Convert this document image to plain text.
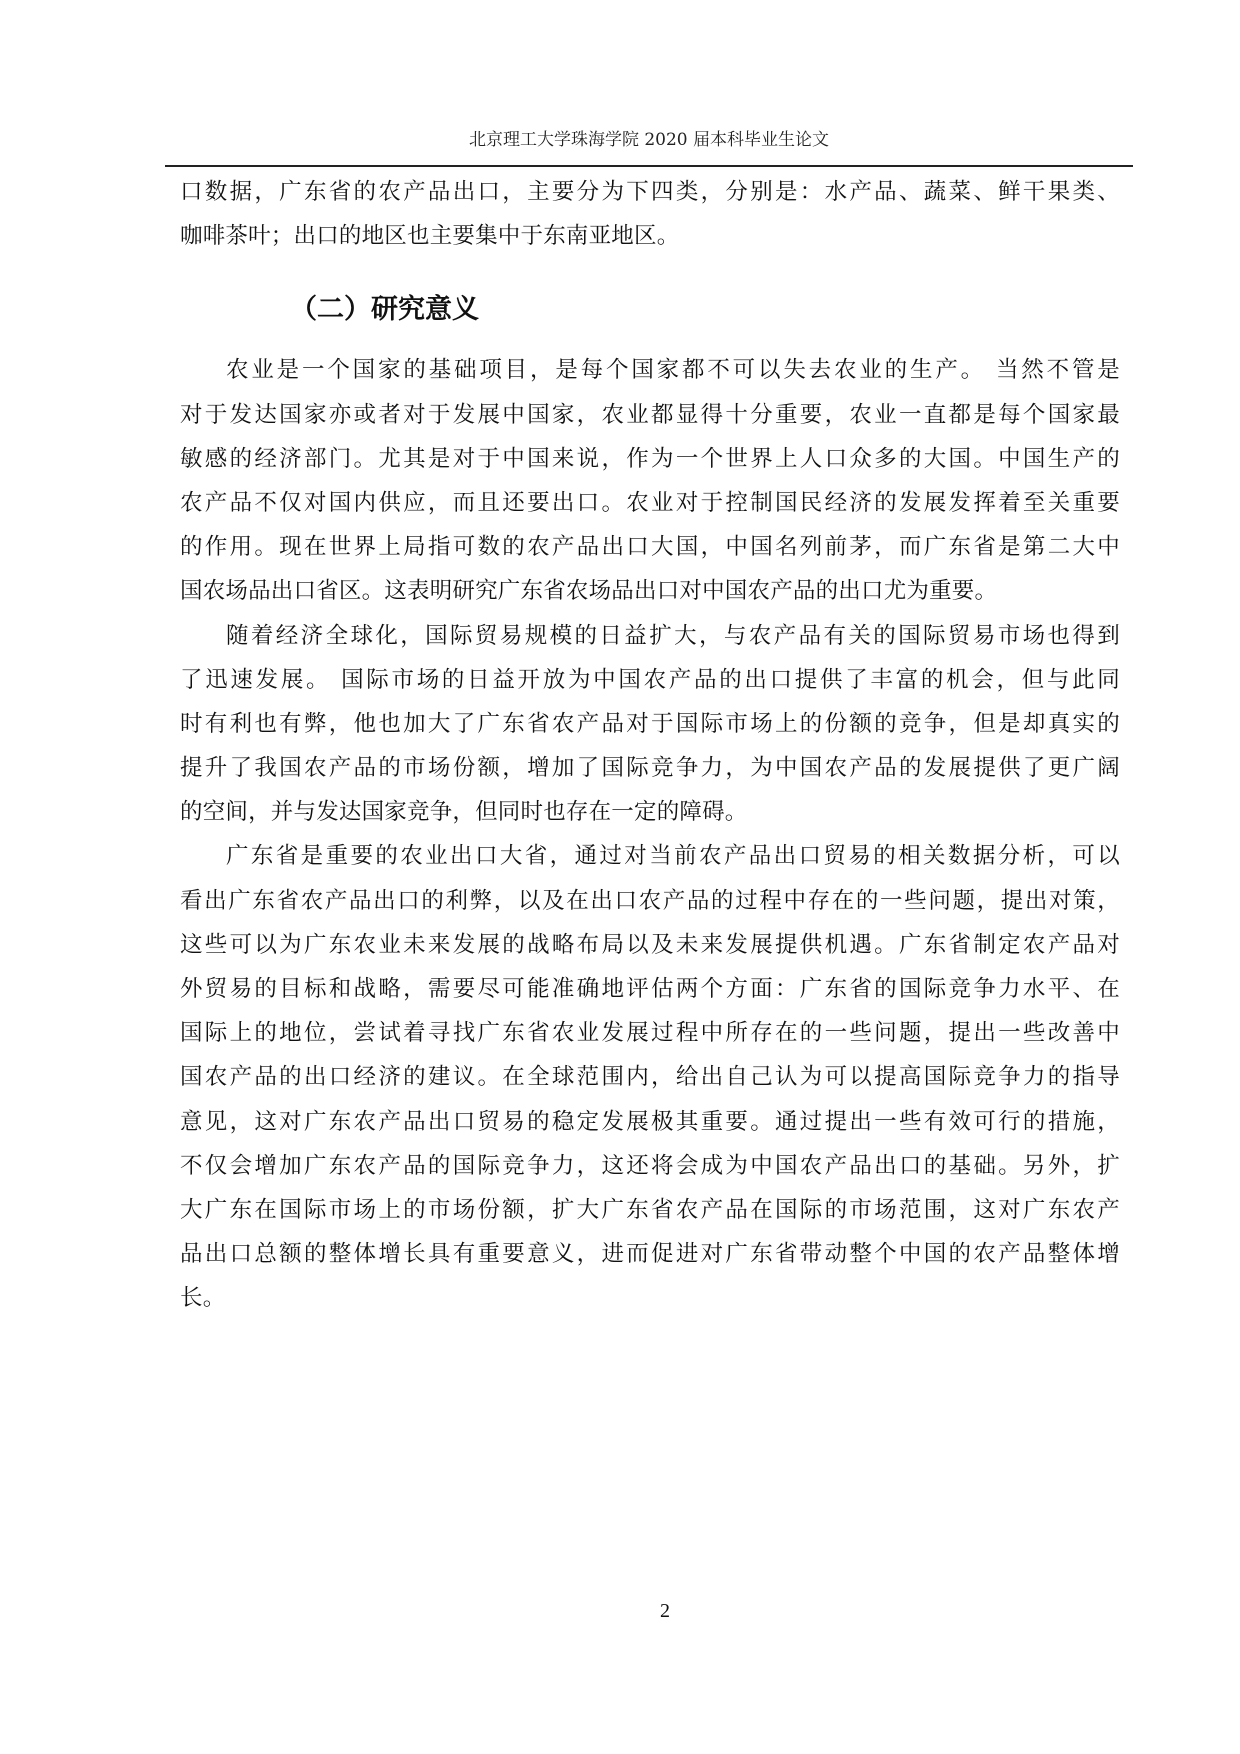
北京理工大学珠海学院 2020 届本科毕业生论文
口数据，广东省的农产品出口，主要分为下四类，分别是：水产品、蔬菜、鲜干果类、
咖啡茶叶；出口的地区也主要集中于东南亚地区。
（二）研究意义
农业是一个国家的基础项目，是每个国家都不可以失去农业的生产。 当然不管是
对于发达国家亦或者对于发展中国家，农业都显得十分重要，农业一直都是每个国家最
敏感的经济部门。尤其是对于中国来说，作为一个世界上人口众多的大国。中国生产的
农产品不仅对国内供应，而且还要出口。农业对于控制国民经济的发展发挥着至关重要
的作用。现在世界上局指可数的农产品出口大国，中国名列前茅，而广东省是第二大中
国农场品出口省区。这表明研究广东省农场品出口对中国农产品的出口尤为重要。
随着经济全球化，国际贸易规模的日益扩大，与农产品有关的国际贸易市场也得到
了迅速发展。 国际市场的日益开放为中国农产品的出口提供了丰富的机会，但与此同
时有利也有弊，他也加大了广东省农产品对于国际市场上的份额的竞争，但是却真实的
提升了我国农产品的市场份额，增加了国际竞争力，为中国农产品的发展提供了更广阔
的空间，并与发达国家竞争，但同时也存在一定的障碍。
广东省是重要的农业出口大省，通过对当前农产品出口贸易的相关数据分析，可以
看出广东省农产品出口的利弊，以及在出口农产品的过程中存在的一些问题，提出对策，
这些可以为广东农业未来发展的战略布局以及未来发展提供机遇。广东省制定农产品对
外贸易的目标和战略，需要尽可能准确地评估两个方面：广东省的国际竞争力水平、在
国际上的地位，尝试着寻找广东省农业发展过程中所存在的一些问题，提出一些改善中
国农产品的出口经济的建议。在全球范围内，给出自己认为可以提高国际竞争力的指导
意见，这对广东农产品出口贸易的稳定发展极其重要。通过提出一些有效可行的措施，
不仅会增加广东农产品的国际竞争力，这还将会成为中国农产品出口的基础。另外，扩
大广东在国际市场上的市场份额，扩大广东省农产品在国际的市场范围，这对广东农产
品出口总额的整体增长具有重要意义，进而促进对广东省带动整个中国的农产品整体增
长。
2
